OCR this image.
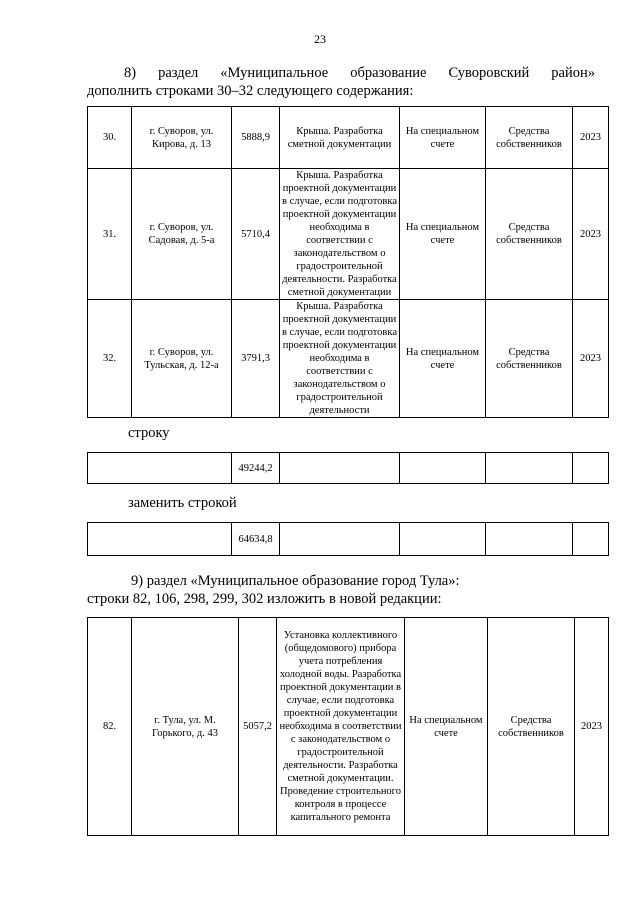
23
8) раздел «Муниципальное образование Суворовский район»
дополнить строками 30–32 следующего содержания:
30.	г. Суворов, ул. Кирова, д. 13	5888,9	Крыша. Разработка сметной документации	На специальном счете	Средства собственников	2023
31.	г. Суворов, ул. Садовая, д. 5-а	5710,4	Крыша. Разработка проектной документации в случае, если подготовка проектной документации необходима в соответствии с законодательством о градостроительной деятельности. Разработка сметной документации	На специальном счете	Средства собственников	2023
32.	г. Суворов, ул. Тульская, д. 12-а	3791,3	Крыша. Разработка проектной документации в случае, если подготовка проектной документации необходима в соответствии с законодательством о градостроительной деятельности	На специальном счете	Средства собственников	2023
строку
	49244,2				
заменить строкой
	64634,8				
9) раздел «Муниципальное образование город Тула»:
строки 82, 106, 298, 299, 302 изложить в новой редакции:
82.	г. Тула, ул. М. Горького, д. 43	5057,2	Установка коллективного (общедомового) прибора учета потребления холодной воды. Разработка проектной документации в случае, если подготовка проектной документации необходима в соответствии с законодательством о градостроительной деятельности. Разработка сметной документации. Проведение строительного контроля в процессе капитального ремонта	На специальном счете	Средства собственников	2023
